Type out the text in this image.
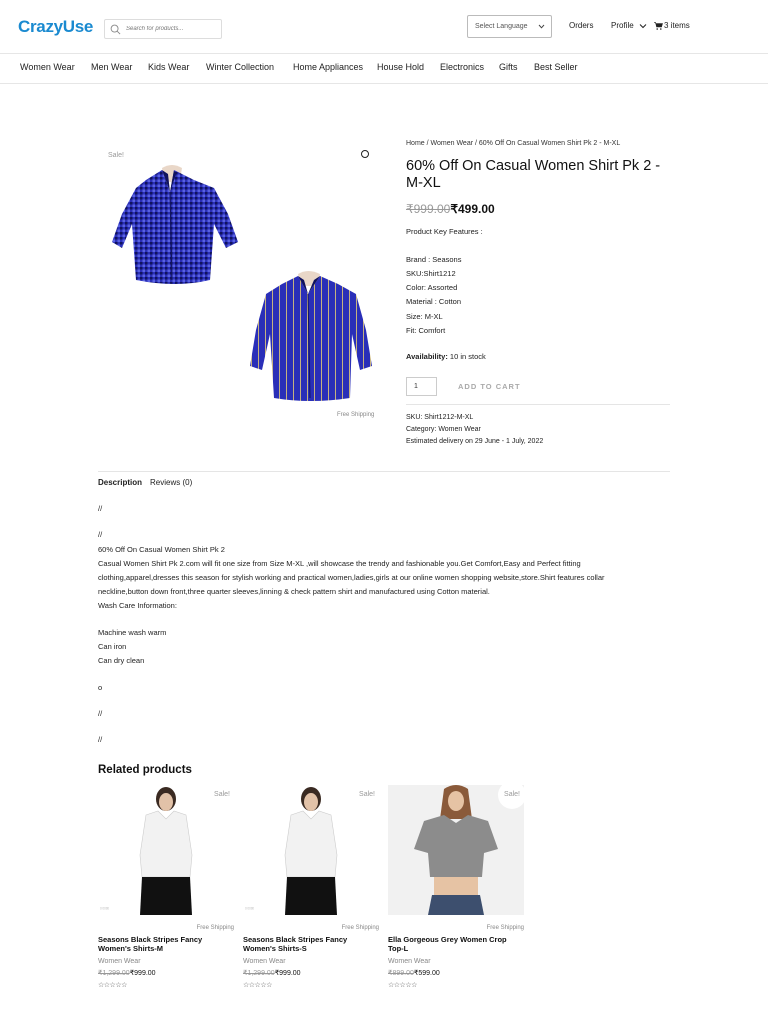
CrazyUse
Search for products...	Select Language	Orders Profile	3 items
Women Wear Men Wear Kids Wear Winter Collection Home Appliances House Hold Electronics Gifts Best Seller
Sale!
Free Shipping
Home / Women Wear / 60% Off On Casual Women Shirt Pk 2 - M-XL
60% Off On Casual Women Shirt Pk 2 - M-XL
₹999.00₹499.00
Product Key Features :
Brand : Seasons
SKU:Shirt1212
Color: Assorted
Material : Cotton
Size: M-XL
Fit: Comfort
Availability: 10 in stock
1
ADD TO CART
SKU: Shirt1212-M-XL
Category: Women Wear
Estimated delivery on 29 June - 1 July, 2022
Description Reviews (0)
//
//
60% Off On Casual Women Shirt Pk 2
Casual Women Shirt Pk 2.com will fit one size from Size M-XL ,will showcase the trendy and fashionable you.Get Comfort,Easy and Perfect fitting
clothing,apparel,dresses this season for stylish working and practical women,ladies,girls at our online women shopping website,store.Shirt features collar
neckline,button down front,three quarter sleeves,linning & check pattern shirt and manufactured using Cotton material.
Wash Care Information:
Machine wash warm
Can iron
Can dry clean
o
//
//
Related products
▯ ▯▯▯▯
Sale!
Free Shipping
Seasons Black Stripes Fancy
Women's Shirts-M
Women Wear
₹1,299.00₹999.00
☆☆☆☆☆
▯ ▯▯▯▯
Sale!
Free Shipping
Seasons Black Stripes Fancy
Women's Shirts-S
Women Wear
₹1,299.00₹999.00
☆☆☆☆☆
Sale!
Free Shipping
Ella Gorgeous Grey Women Crop
Top-L
Women Wear
₹899.00₹599.00
☆☆☆☆☆
